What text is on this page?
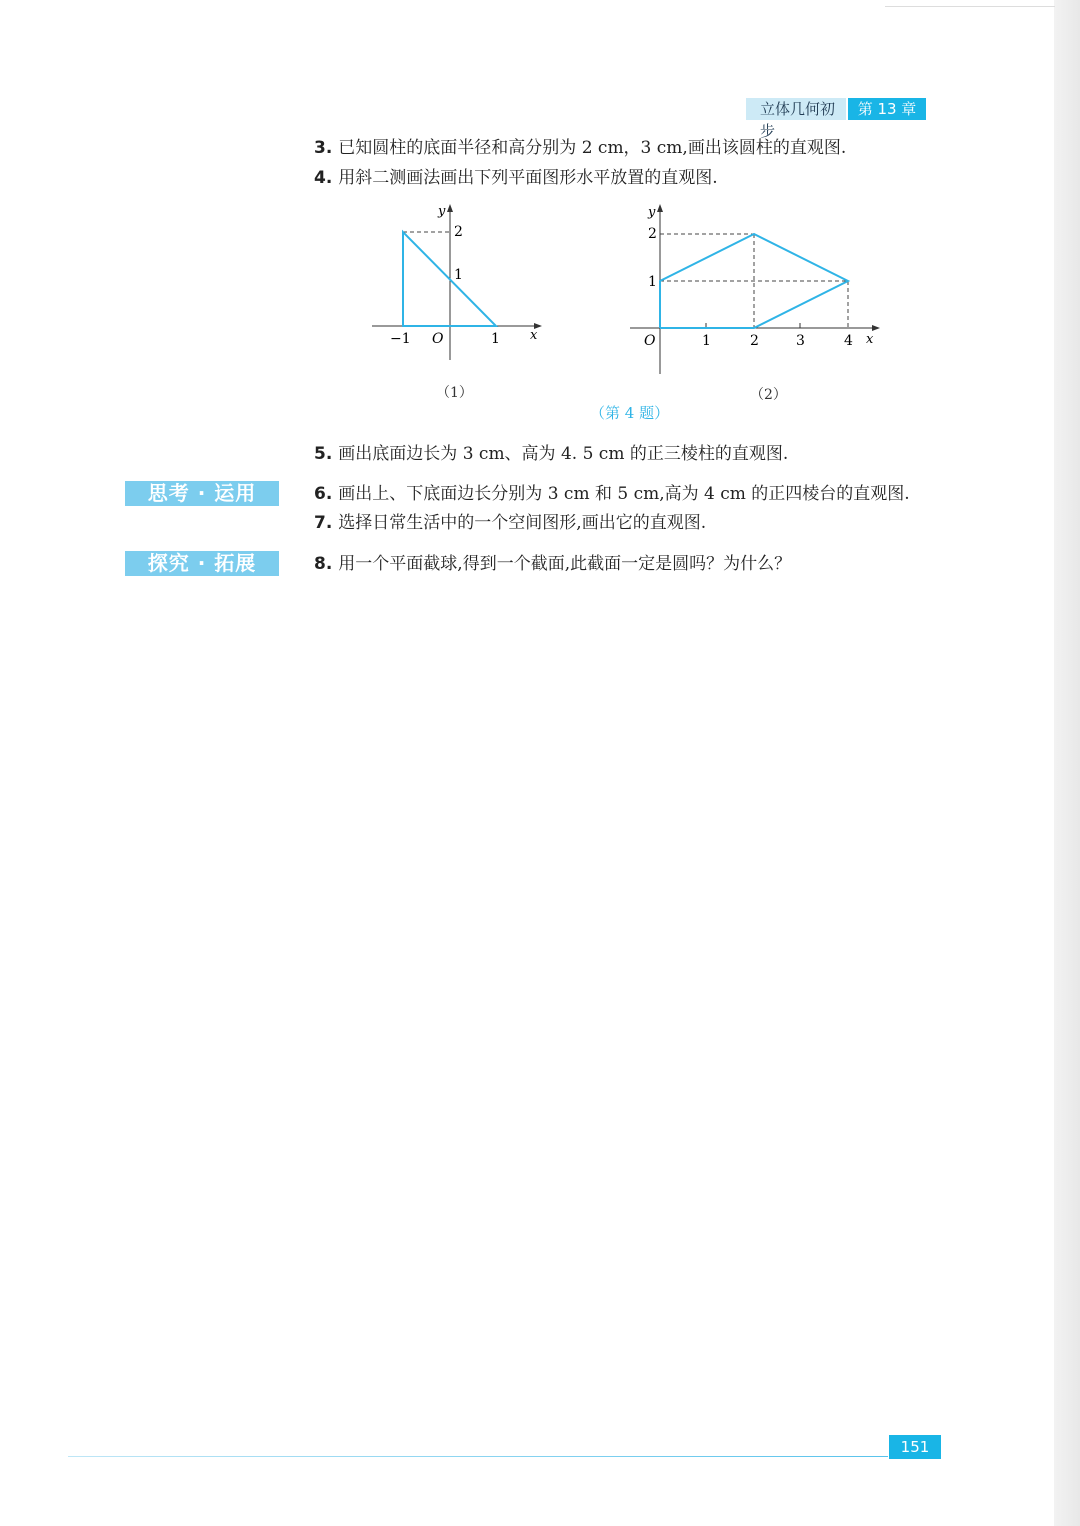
立体几何初步
第 13 章
3. 已知圆柱的底面半径和高分别为 2 cm，3 cm,画出该圆柱的直观图.
4. 用斜二测画法画出下列平面图形水平放置的直观图.
y
x
2
1
−1 O	1
y
x
2
1
O	1	2	3	4
（1）	（2）
（第 4 题）
5. 画出底面边长为 3 cm、高为 4. 5 cm 的正三棱柱的直观图.
思考 · 运用	6. 画出上、下底面边长分别为 3 cm 和 5 cm,高为 4 cm 的正四棱台的直观图.
7. 选择日常生活中的一个空间图形,画出它的直观图.
探究 · 拓展	8. 用一个平面截球,得到一个截面,此截面一定是圆吗？为什么？
151
